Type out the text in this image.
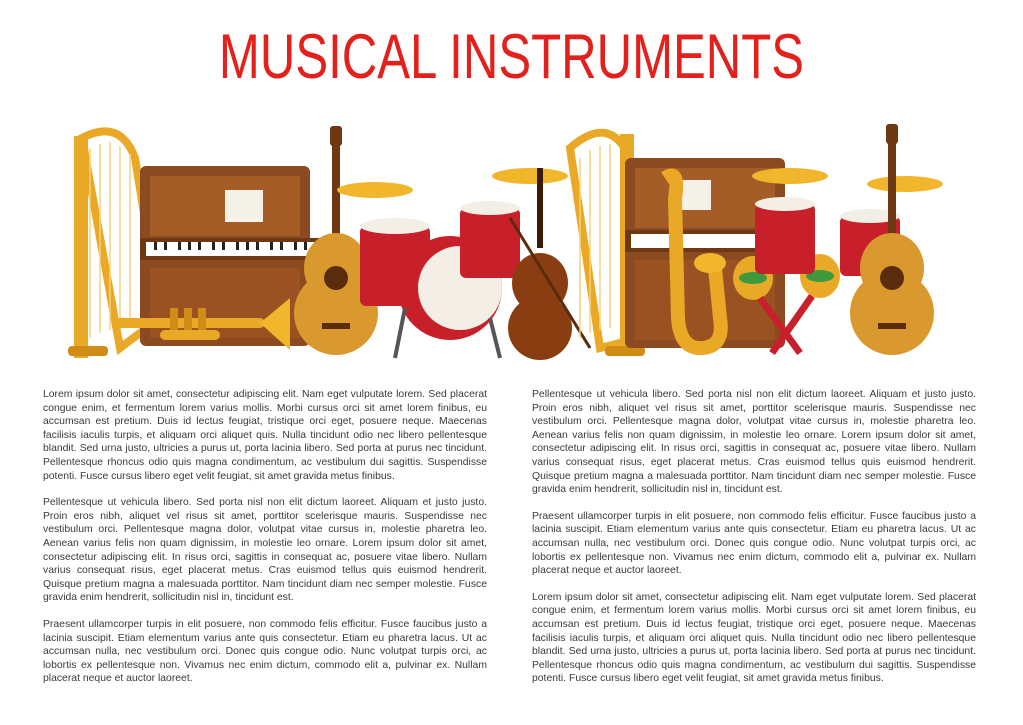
MUSICAL INSTRUMENTS

Lorem ipsum dolor sit amet, consectetur adipiscing elit. Nam eget vulputate lorem. Sed placerat congue enim, et fermentum lorem varius mollis. Morbi cursus orci sit amet lorem finibus, eu accumsan est pretium. Duis id lectus feugiat, tristique orci eget, posuere neque. Maecenas facilisis iaculis turpis, et aliquam orci aliquet quis. Nulla tincidunt odio nec libero pellentesque blandit. Sed urna justo, ultricies a purus ut, porta lacinia libero. Sed porta at purus nec tincidunt. Pellentesque rhoncus odio quis magna condimentum, ac vestibulum dui sagittis. Suspendisse potenti. Fusce cursus libero eget velit feugiat, sit amet gravida metus finibus.

Pellentesque ut vehicula libero. Sed porta nisl non elit dictum laoreet. Aliquam et justo justo. Proin eros nibh, aliquet vel risus sit amet, porttitor scelerisque mauris. Suspendisse nec vestibulum orci. Pellentesque magna dolor, volutpat vitae cursus in, molestie pharetra leo. Aenean varius felis non quam dignissim, in molestie leo ornare. Lorem ipsum dolor sit amet, consectetur adipiscing elit. In risus orci, sagittis in consequat ac, posuere vitae libero. Nullam varius consequat risus, eget placerat metus. Cras euismod tellus quis euismod hendrerit. Quisque pretium magna a malesuada porttitor. Nam tincidunt diam nec semper molestie. Fusce gravida enim hendrerit, sollicitudin nisl in, tincidunt est.

Praesent ullamcorper turpis in elit posuere, non commodo felis efficitur. Fusce faucibus justo a lacinia suscipit. Etiam elementum varius ante quis consectetur. Etiam eu pharetra lacus. Ut ac accumsan nulla, nec vestibulum orci. Donec quis congue odio. Nunc volutpat turpis orci, ac lobortis ex pellentesque non. Vivamus nec enim dictum, commodo elit a, pulvinar ex. Nullam placerat neque et auctor laoreet.

Pellentesque ut vehicula libero. Sed porta nisl non elit dictum laoreet. Aliquam et justo justo. Proin eros nibh, aliquet vel risus sit amet, porttitor scelerisque mauris. Suspendisse nec vestibulum orci. Pellentesque magna dolor, volutpat vitae cursus in, molestie pharetra leo. Aenean varius felis non quam dignissim, in molestie leo ornare. Lorem ipsum dolor sit amet, consectetur adipiscing elit. In risus orci, sagittis in consequat ac, posuere vitae libero. Nullam varius consequat risus, eget placerat metus. Cras euismod tellus quis euismod hendrerit. Quisque pretium magna a malesuada porttitor. Nam tincidunt diam nec semper molestie. Fusce gravida enim hendrerit, sollicitudin nisl in, tincidunt est.

Praesent ullamcorper turpis in elit posuere, non commodo felis efficitur. Fusce faucibus justo a lacinia suscipit. Etiam elementum varius ante quis consectetur. Etiam eu pharetra lacus. Ut ac accumsan nulla, nec vestibulum orci. Donec quis congue odio. Nunc volutpat turpis orci, ac lobortis ex pellentesque non. Vivamus nec enim dictum, commodo elit a, pulvinar ex. Nullam placerat neque et auctor laoreet.

Lorem ipsum dolor sit amet, consectetur adipiscing elit. Nam eget vulputate lorem. Sed placerat congue enim, et fermentum lorem varius mollis. Morbi cursus orci sit amet lorem finibus, eu accumsan est pretium. Duis id lectus feugiat, tristique orci eget, posuere neque. Maecenas facilisis iaculis turpis, et aliquam orci aliquet quis. Nulla tincidunt odio nec libero pellentesque blandit. Sed urna justo, ultricies a purus ut, porta lacinia libero. Sed porta at purus nec tincidunt. Pellentesque rhoncus odio quis magna condimentum, ac vestibulum dui sagittis. Suspendisse potenti. Fusce cursus libero eget velit feugiat, sit amet gravida metus finibus.
